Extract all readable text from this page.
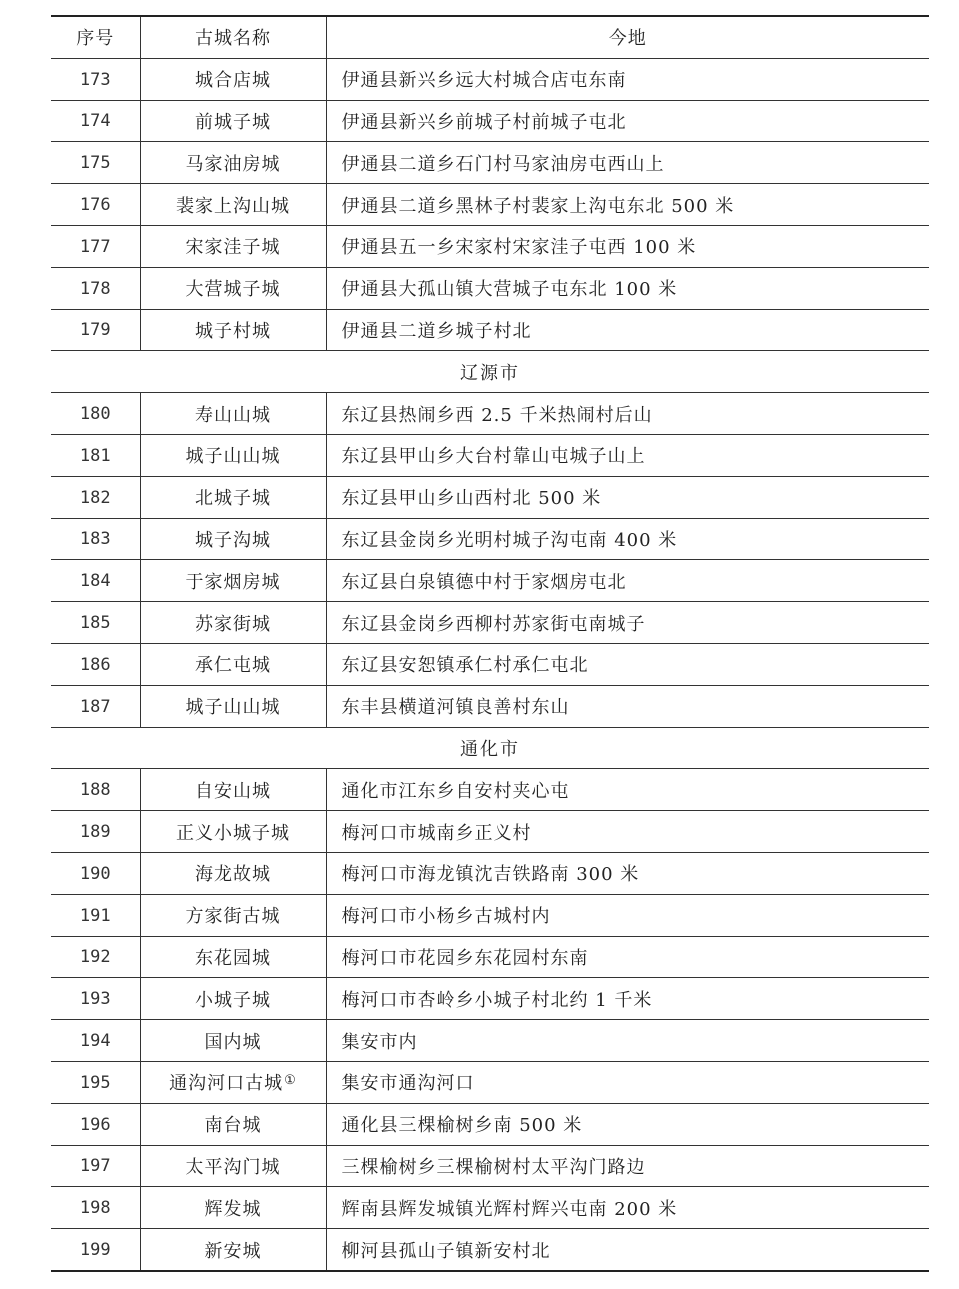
序号	古城名称	今地
173	城合店城	伊通县新兴乡远大村城合店屯东南
174	前城子城	伊通县新兴乡前城子村前城子屯北
175	马家油房城	伊通县二道乡石门村马家油房屯西山上
176	裴家上沟山城	伊通县二道乡黑林子村裴家上沟屯东北 500 米
177	宋家洼子城	伊通县五一乡宋家村宋家洼子屯西 100 米
178	大营城子城	伊通县大孤山镇大营城子屯东北 100 米
179	城子村城	伊通县二道乡城子村北
辽源市		
180	寿山山城	东辽县热闹乡西 2.5 千米热闹村后山
181	城子山山城	东辽县甲山乡大台村靠山屯城子山上
182	北城子城	东辽县甲山乡山西村北 500 米
183	城子沟城	东辽县金岗乡光明村城子沟屯南 400 米
184	于家烟房城	东辽县白泉镇德中村于家烟房屯北
185	苏家街城	东辽县金岗乡西柳村苏家街屯南城子
186	承仁屯城	东辽县安恕镇承仁村承仁屯北
187	城子山山城	东丰县横道河镇良善村东山
通化市		
188	自安山城	通化市江东乡自安村夹心屯
189	正义小城子城	梅河口市城南乡正义村
190	海龙故城	梅河口市海龙镇沈吉铁路南 300 米
191	方家街古城	梅河口市小杨乡古城村内
192	东花园城	梅河口市花园乡东花园村东南
193	小城子城	梅河口市杏岭乡小城子村北约 1 千米
194	国内城	集安市内
195	通沟河口古城①	集安市通沟河口
196	南台城	通化县三棵榆树乡南 500 米
197	太平沟门城	三棵榆树乡三棵榆树村太平沟门路边
198	辉发城	辉南县辉发城镇光辉村辉兴屯南 200 米
199	新安城	柳河县孤山子镇新安村北
